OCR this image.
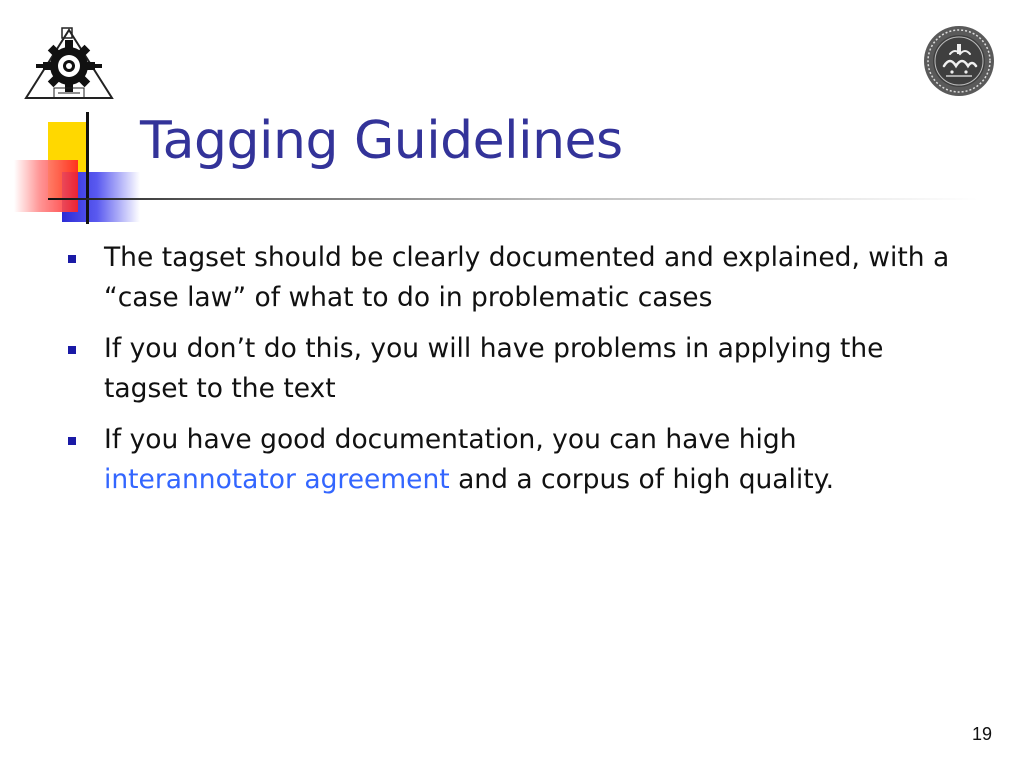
Tagging Guidelines
The tagset should be clearly documented and explained, with a “case law” of what to do in problematic cases
If you don’t do this, you will have problems in applying the tagset to the text
If you have good documentation, you can have high interannotator agreement and a corpus of high quality.
19
